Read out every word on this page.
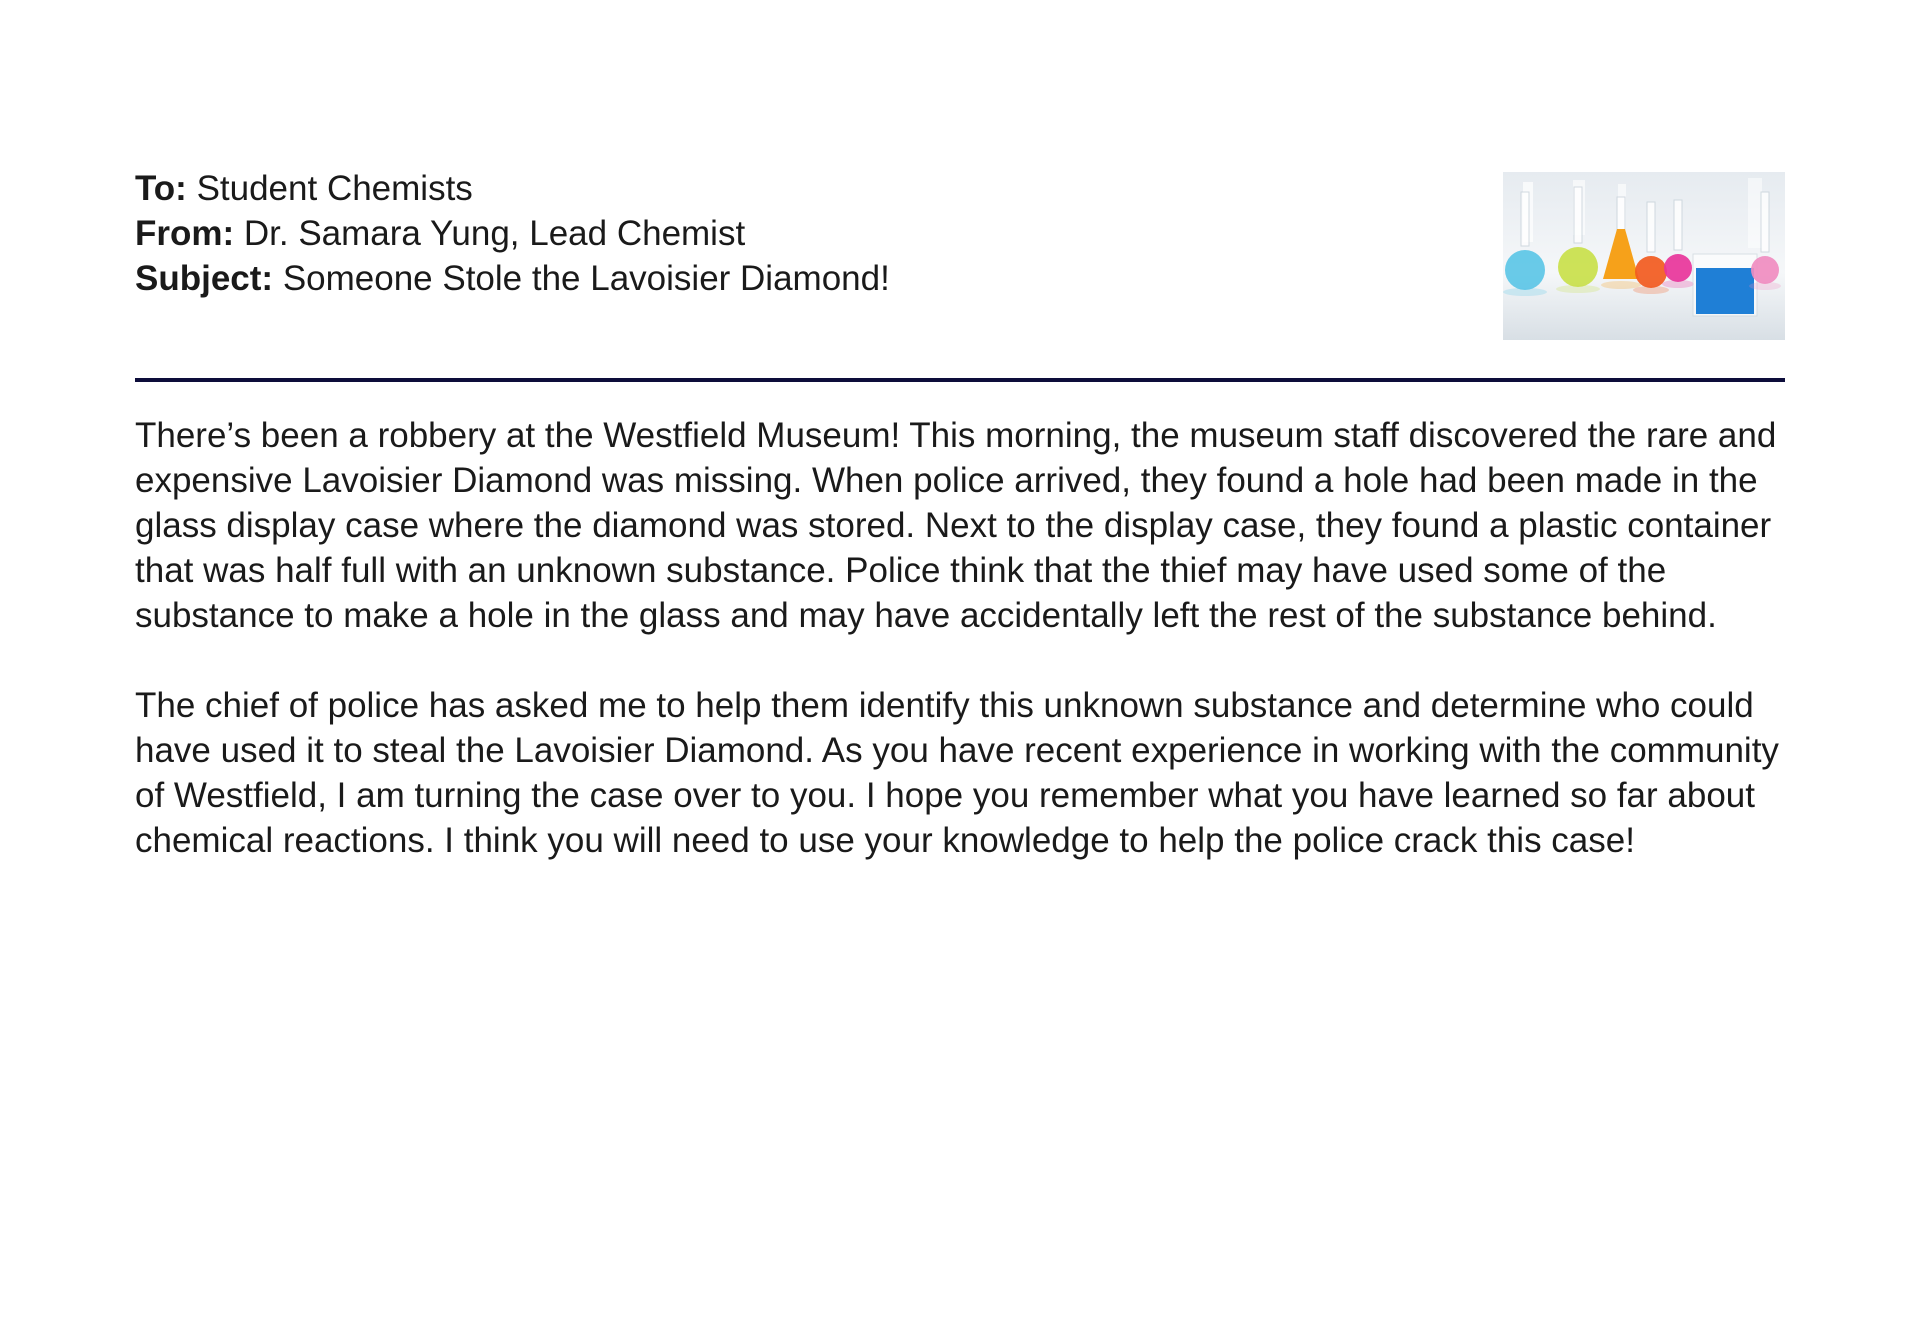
To: Student Chemists
From: Dr. Samara Yung, Lead Chemist
Subject: Someone Stole the Lavoisier Diamond!

There’s been a robbery at the Westfield Museum! This morning, the museum staff discovered the rare and expensive Lavoisier Diamond was missing. When police arrived, they found a hole had been made in the glass display case where the diamond was stored. Next to the display case, they found a plastic container that was half full with an unknown substance. Police think that the thief may have used some of the substance to make a hole in the glass and may have accidentally left the rest of the substance behind.

The chief of police has asked me to help them identify this unknown substance and determine who could have used it to steal the Lavoisier Diamond. As you have recent experience in working with the community of Westfield, I am turning the case over to you. I hope you remember what you have learned so far about chemical reactions. I think you will need to use your knowledge to help the police crack this case!
